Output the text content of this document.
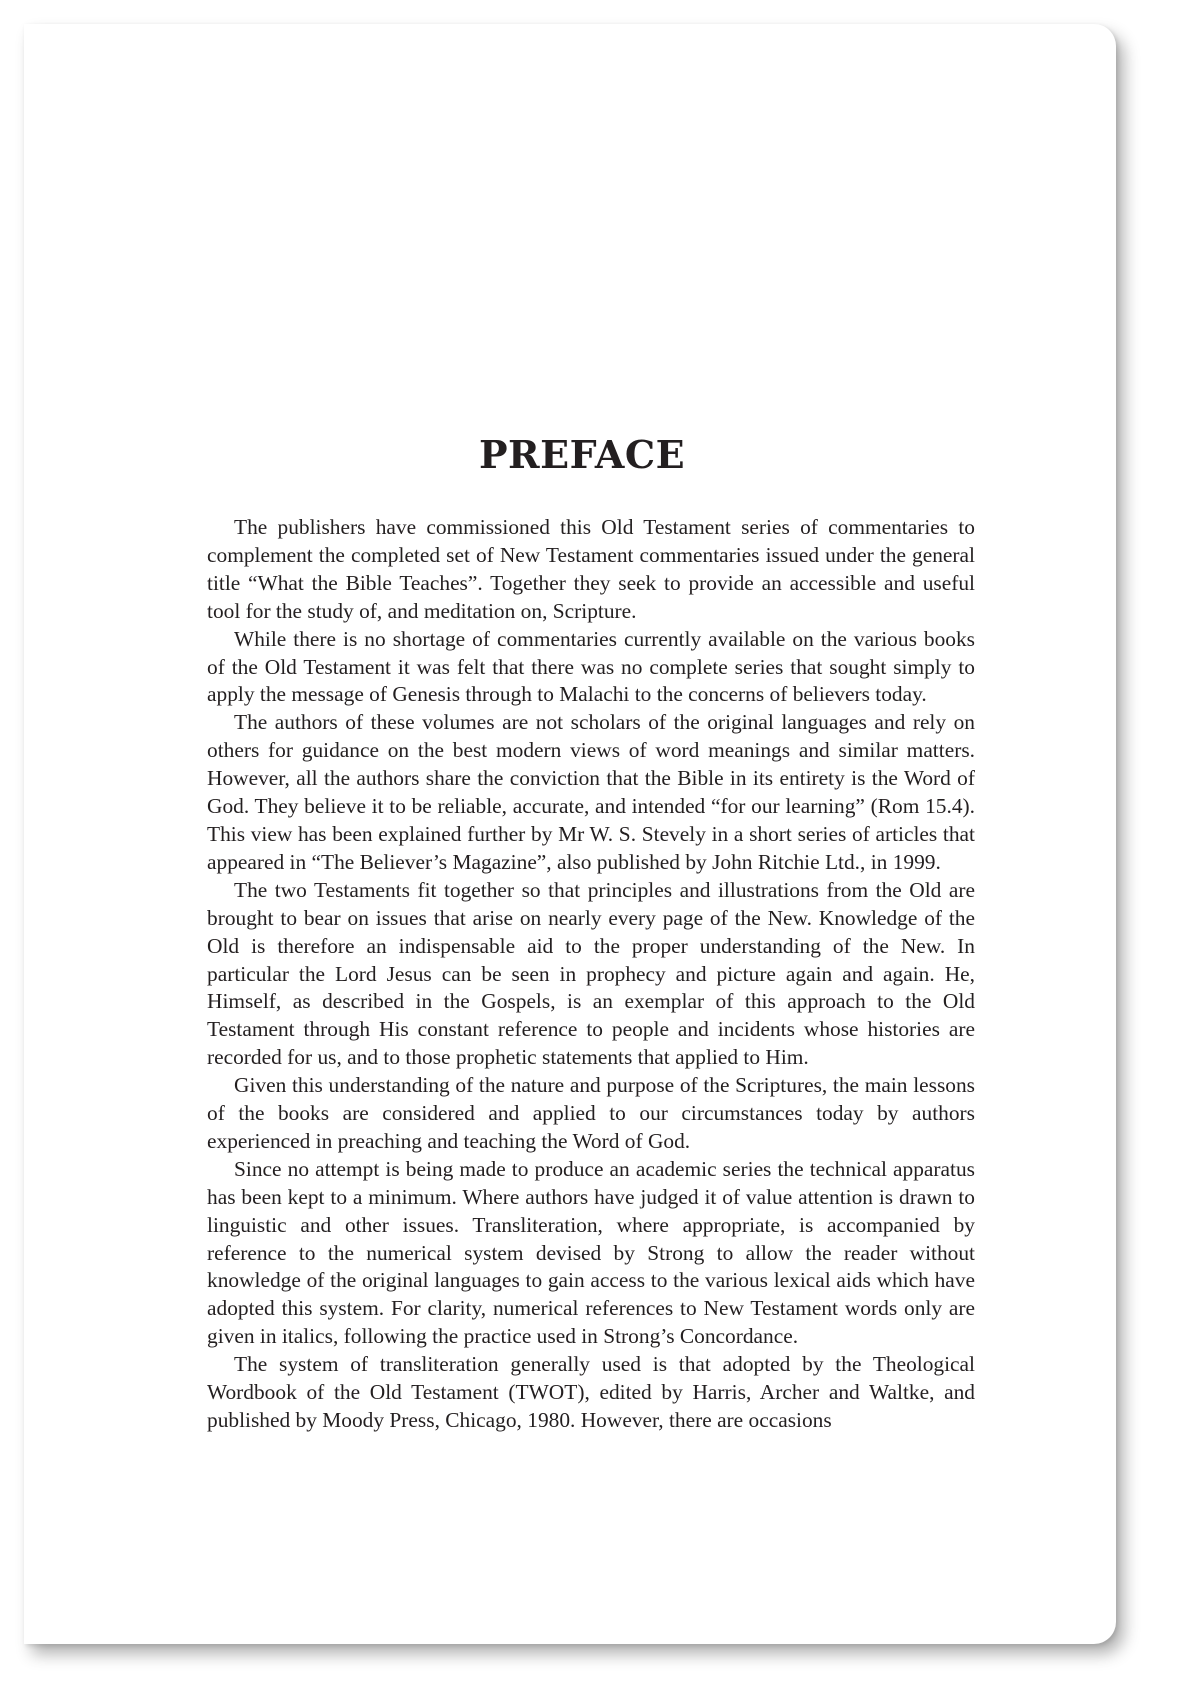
PREFACE

The publishers have commissioned this Old Testament series of commentaries to complement the completed set of New Testament commentaries issued under the general title “What the Bible Teaches”. Together they seek to provide an accessible and useful tool for the study of, and meditation on, Scripture.

While there is no shortage of commentaries currently available on the various books of the Old Testament it was felt that there was no complete series that sought simply to apply the message of Genesis through to Malachi to the concerns of believers today.

The authors of these volumes are not scholars of the original languages and rely on others for guidance on the best modern views of word meanings and similar matters. However, all the authors share the conviction that the Bible in its entirety is the Word of God. They believe it to be reliable, accurate, and intended “for our learning” (Rom 15.4). This view has been explained further by Mr W. S. Stevely in a short series of articles that appeared in “The Believer’s Magazine”, also published by John Ritchie Ltd., in 1999.

The two Testaments fit together so that principles and illustrations from the Old are brought to bear on issues that arise on nearly every page of the New. Knowledge of the Old is therefore an indispensable aid to the proper understanding of the New. In particular the Lord Jesus can be seen in prophecy and picture again and again. He, Himself, as described in the Gospels, is an exemplar of this approach to the Old Testament through His constant reference to people and incidents whose histories are recorded for us, and to those prophetic statements that applied to Him.

Given this understanding of the nature and purpose of the Scriptures, the main lessons of the books are considered and applied to our circumstances today by authors experienced in preaching and teaching the Word of God.

Since no attempt is being made to produce an academic series the technical apparatus has been kept to a minimum. Where authors have judged it of value attention is drawn to linguistic and other issues. Transliteration, where appropriate, is accompanied by reference to the numerical system devised by Strong to allow the reader without knowledge of the original languages to gain access to the various lexical aids which have adopted this system. For clarity, numerical references to New Testament words only are given in italics, following the practice used in Strong’s Concordance.

The system of transliteration generally used is that adopted by the Theological Wordbook of the Old Testament (TWOT), edited by Harris, Archer and Waltke, and published by Moody Press, Chicago, 1980. However, there are occasions
